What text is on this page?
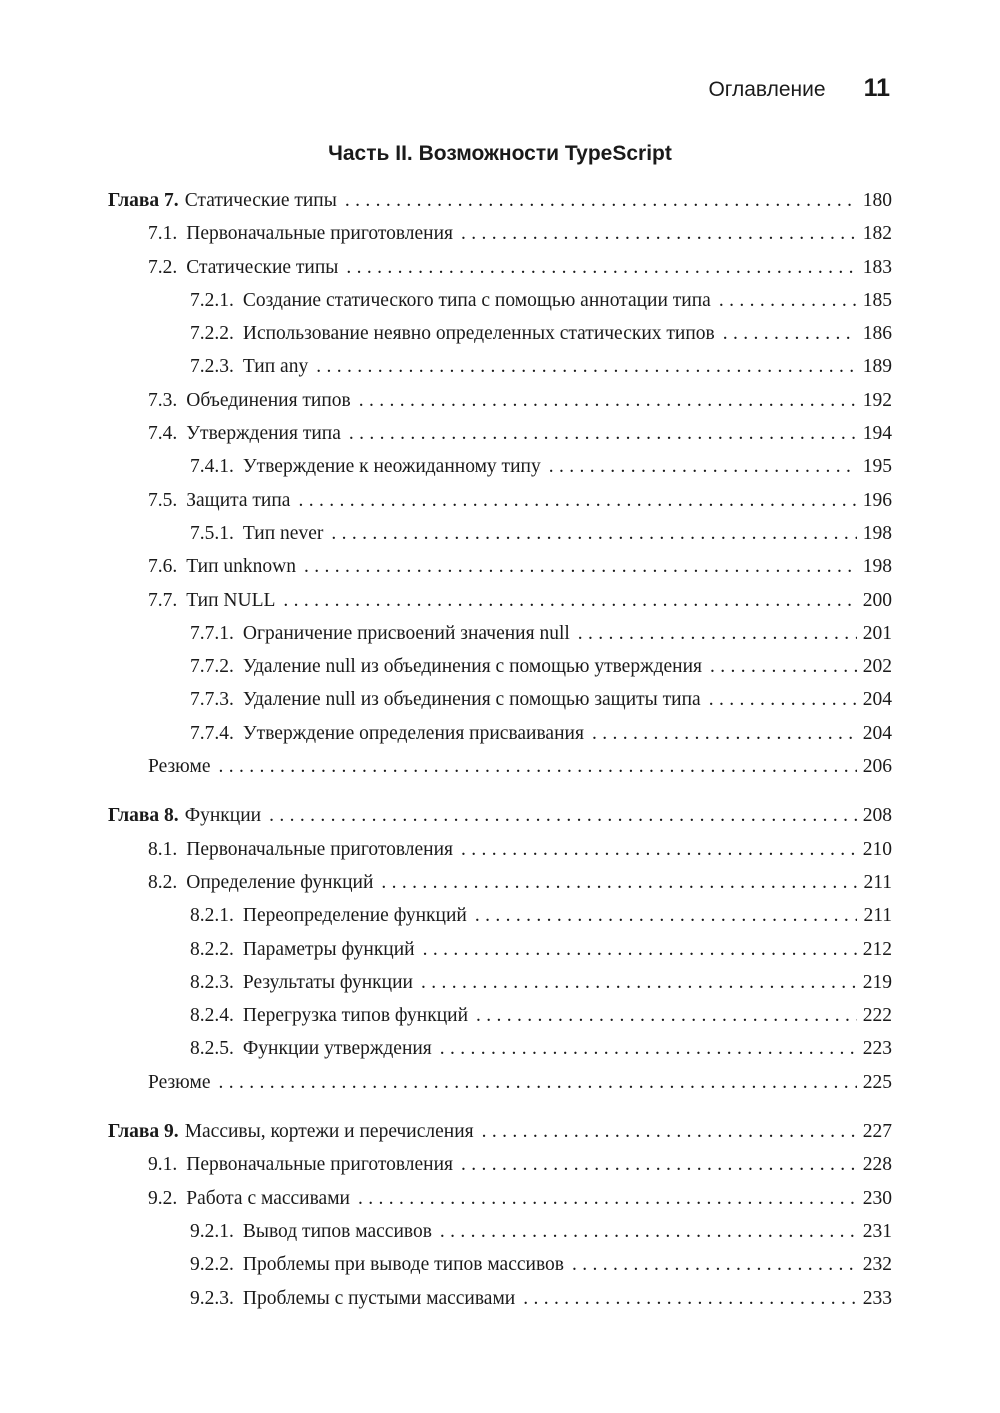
Оглавление 11
Часть II. Возможности TypeScript
Глава 7. Статические типы . . .	180
7.1. Первоначальные приготовления . . .	182
7.2. Статические типы . . .	183
7.2.1. Создание статического типа с помощью аннотации типа . . .	185
7.2.2. Использование неявно определенных статических типов . . .	186
7.2.3. Тип any . . .	189
7.3. Объединения типов . . .	192
7.4. Утверждения типа . . .	194
7.4.1. Утверждение к неожиданному типу . . .	195
7.5. Защита типа . . .	196
7.5.1. Тип never . . .	198
7.6. Тип unknown . . .	198
7.7. Тип NULL . . .	200
7.7.1. Ограничение присвоений значения null . . .	201
7.7.2. Удаление null из объединения с помощью утверждения . . .	202
7.7.3. Удаление null из объединения с помощью защиты типа . . .	204
7.7.4. Утверждение определения присваивания . . .	204
Резюме . . .	206
Глава 8. Функции . . .	208
8.1. Первоначальные приготовления . . .	210
8.2. Определение функций . . .	211
8.2.1. Переопределение функций . . .	211
8.2.2. Параметры функций . . .	212
8.2.3. Результаты функции . . .	219
8.2.4. Перегрузка типов функций . . .	222
8.2.5. Функции утверждения . . .	223
Резюме . . .	225
Глава 9. Массивы, кортежи и перечисления . . .	227
9.1. Первоначальные приготовления . . .	228
9.2. Работа с массивами . . .	230
9.2.1. Вывод типов массивов . . .	231
9.2.2. Проблемы при выводе типов массивов . . .	232
9.2.3. Проблемы с пустыми массивами . . .	233
